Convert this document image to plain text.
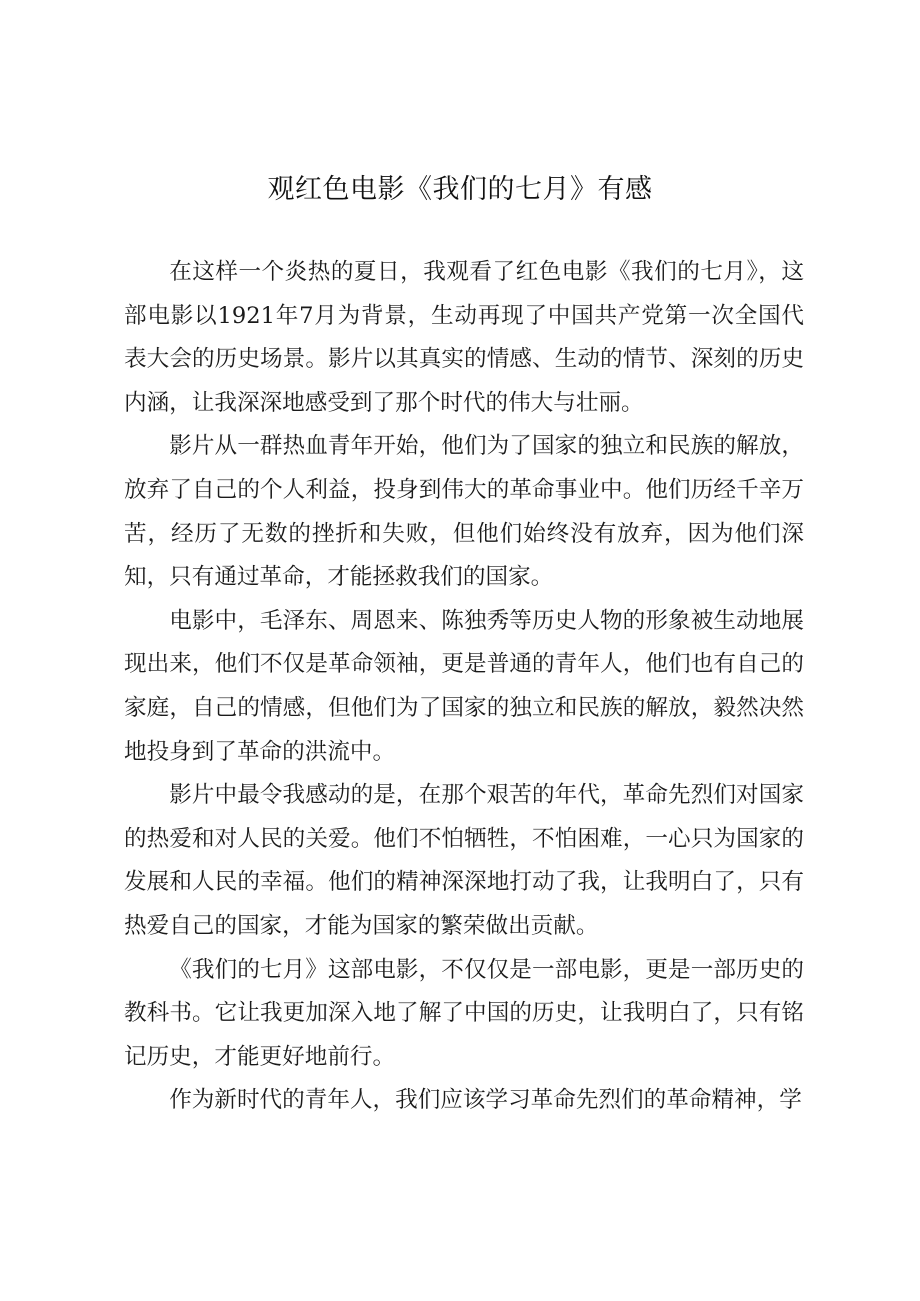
观红色电影《我们的七月》有感

在这样一个炎热的夏日，我观看了红色电影《我们的七月》，这部电影以1921年7月为背景，生动再现了中国共产党第一次全国代表大会的历史场景。影片以其真实的情感、生动的情节、深刻的历史内涵，让我深深地感受到了那个时代的伟大与壮丽。

影片从一群热血青年开始，他们为了国家的独立和民族的解放，放弃了自己的个人利益，投身到伟大的革命事业中。他们历经千辛万苦，经历了无数的挫折和失败，但他们始终没有放弃，因为他们深知，只有通过革命，才能拯救我们的国家。

电影中，毛泽东、周恩来、陈独秀等历史人物的形象被生动地展现出来，他们不仅是革命领袖，更是普通的青年人，他们也有自己的家庭，自己的情感，但他们为了国家的独立和民族的解放，毅然决然地投身到了革命的洪流中。

影片中最令我感动的是，在那个艰苦的年代，革命先烈们对国家的热爱和对人民的关爱。他们不怕牺牲，不怕困难，一心只为国家的发展和人民的幸福。他们的精神深深地打动了我，让我明白了，只有热爱自己的国家，才能为国家的繁荣做出贡献。

《我们的七月》这部电影，不仅仅是一部电影，更是一部历史的教科书。它让我更加深入地了解了中国的历史，让我明白了，只有铭记历史，才能更好地前行。

作为新时代的青年人，我们应该学习革命先烈们的革命精神，学
